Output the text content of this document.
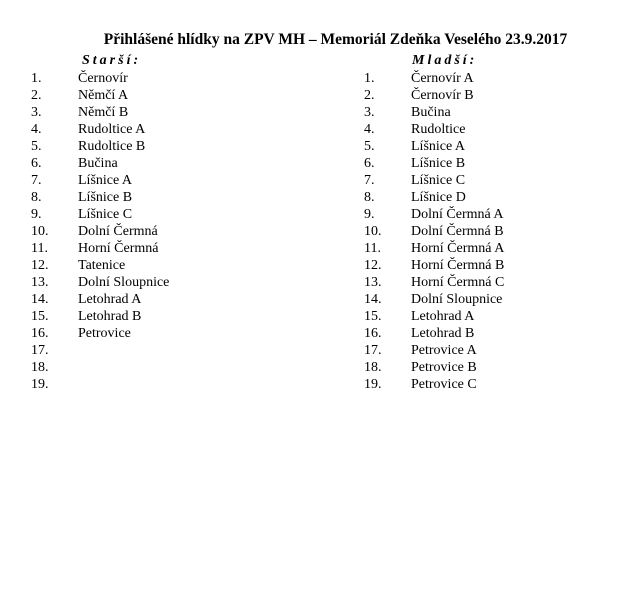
Přihlášené hlídky na ZPV MH – Memoriál Zdeňka Veselého 23.9.2017
Starší:
1.	Černovír
2.	Němčí A
3.	Němčí B
4.	Rudoltice A
5.	Rudoltice B
6.	Bučina
7.	Líšnice A
8.	Líšnice B
9.	Líšnice C
10.	Dolní Čermná
11.	Horní Čermná
12.	Tatenice
13.	Dolní Sloupnice
14.	Letohrad A
15.	Letohrad B
16.	Petrovice
17.
18.
19.
Mladší:
1.	Černovír A
2.	Černovír B
3.	Bučina
4.	Rudoltice
5.	Líšnice A
6.	Líšnice B
7.	Líšnice C
8.	Líšnice D
9.	Dolní Čermná A
10.	Dolní Čermná B
11.	Horní Čermná A
12.	Horní Čermná B
13.	Horní Čermná C
14.	Dolní Sloupnice
15.	Letohrad A
16.	Letohrad B
17.	Petrovice A
18.	Petrovice B
19.	Petrovice C
